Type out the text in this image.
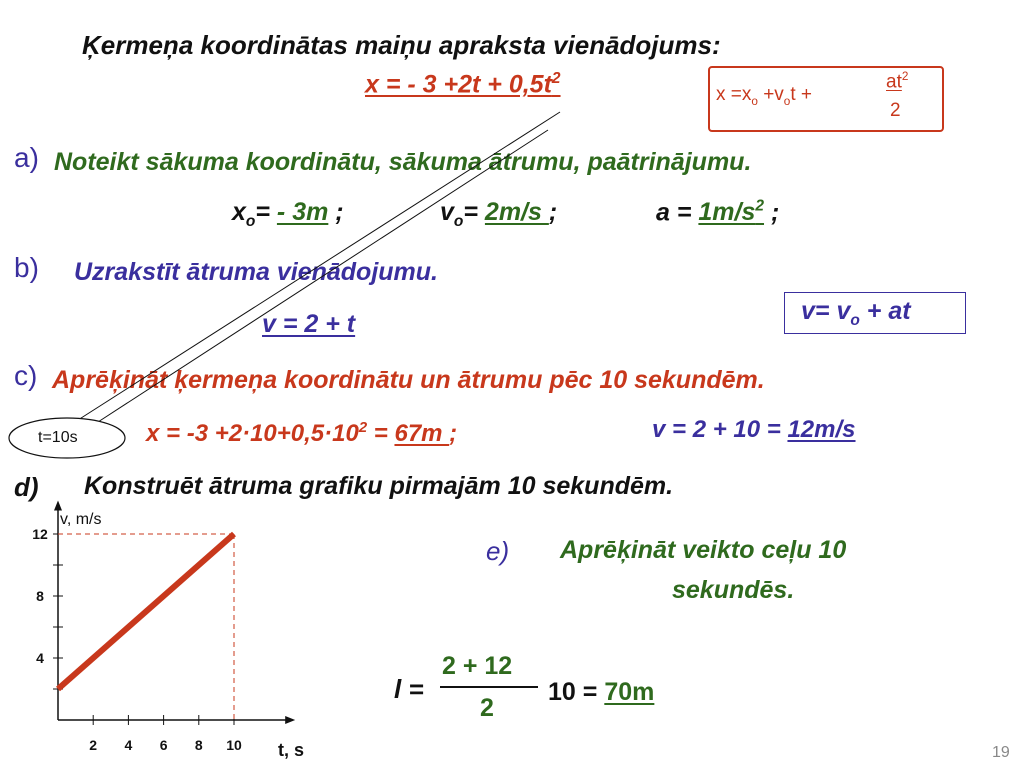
Ķermeņa koordinātas maiņu apraksta vienādojums:
x = - $3 +2t + 0,5t^2$
$x =x_o +v_ot$ +
$at^2$
2
a) Noteikt sākuma koordinātu, sākuma ātrumu, paātrinājumu.
$x_o= - 3m$ ;	$v_o= 2m/s$ ;	$a = 1m/s^2$ ;
b) Uzrakstīt ātruma vienādojumu.
v = 2 + t	$v= v_o$ + at
c) Aprēķināt ķermeņa koordinātu un ātrumu pēc 10 sekundēm.
t=10s	$x = -3 +2\cdot 10+0,5\cdot 10^2 = 67m$ ;	v = 2 + 10 = 12m/s
d) Konstruēt ātruma grafiku pirmajām 10 sekundēm.
2 4 6 8 10
4
8
12
v, m/s
t, s
e) Aprēķināt veikto ceļu 10
sekundēs.
l =
2 + 12
2
10 = 70m
19
